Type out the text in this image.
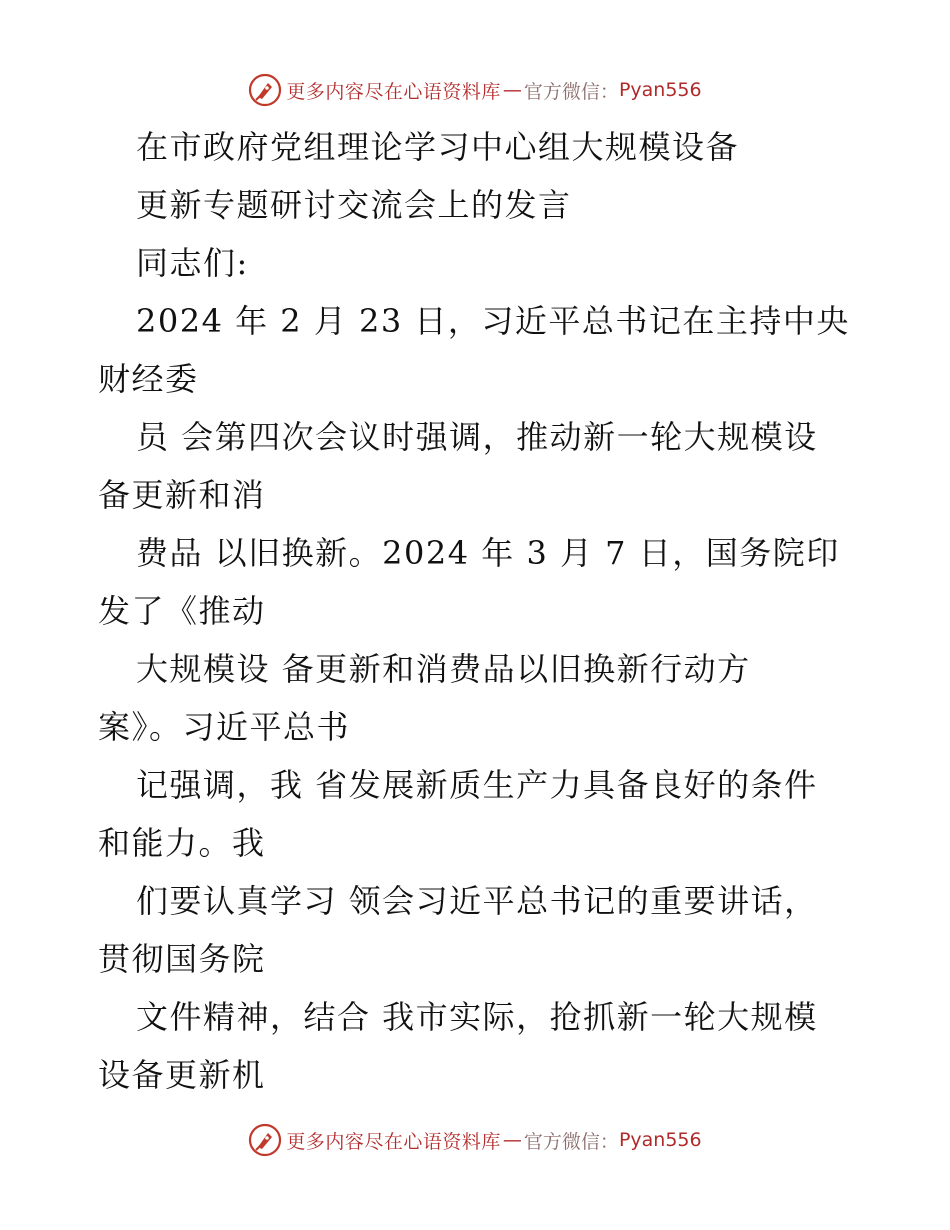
更多内容尽在心语资料库 — 官方微信： Pyan556
在市政府党组理论学习中心组大规模设备
更新专题研讨交流会上的发言
同志们:
2024 年 2 月 23 日，习近平总书记在主持中央
财经委
员 会第四次会议时强调，推动新一轮大规模设
备更新和消
费品 以旧换新。2024 年 3 月 7 日，国务院印
发了《推动
大规模设 备更新和消费品以旧换新行动方
案》。习近平总书
记强调，我 省发展新质生产力具备良好的条件
和能力。我
们要认真学习 领会习近平总书记的重要讲话，
贯彻国务院
文件精神，结合 我市实际，抢抓新一轮大规模
设备更新机
更多内容尽在心语资料库 — 官方微信： Pyan556
